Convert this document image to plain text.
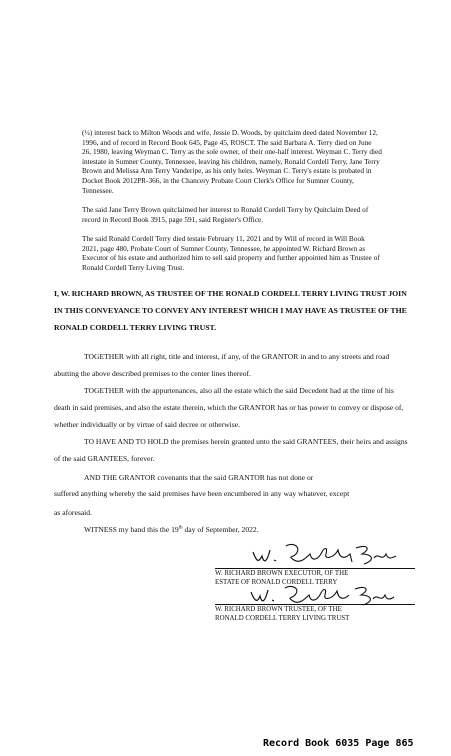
(½) interest back to Milton Woods and wife, Jessie D. Woods, by quitclaim deed dated November 12, 1996, and of record in Record Book 645, Page 45, ROSCT. The said Barbara A. Terry died on June 26, 1980, leaving Weyman C. Terry as the sole owner, of their one-half interest. Weyman C. Terry died intestate in Sumner County, Tennessee, leaving his children, namely, Ronald Cordell Terry, Jane Terry Brown and Melissa Ann Terry Vanderipe, as his only heirs. Weyman C. Terry's estate is probated in Docket Book 2012PR-366, in the Chancery Probate Court Clerk's Office for Sumner County, Tennessee.

The said Jane Terry Brown quitclaimed her interest to Ronald Cordell Terry by Quitclaim Deed of record in Record Book 3915, page 591, said Register's Office.

The said Ronald Cordell Terry died testate February 11, 2021 and by Will of record in Will Book 2021, page 480, Probate Court of Sumner County, Tennessee, he appointed W. Richard Brown as Executor of his estate and authorized him to sell said property and further appointed him as Trustee of Ronald Cordell Terry Living Trust.

I, W. RICHARD BROWN, AS TRUSTEE OF THE RONALD CORDELL TERRY LIVING TRUST JOIN IN THIS CONVEYANCE TO CONVEY ANY INTEREST WHICH I MAY HAVE AS TRUSTEE OF THE RONALD CORDELL TERRY LIVING TRUST.

TOGETHER with all right, title and interest, if any, of the GRANTOR in and to any streets and road abutting the above described premises to the center lines thereof.

TOGETHER with the appurtenances, also all the estate which the said Decedent had at the time of his death in said premises, and also the estate therein, which the GRANTOR has or has power to convey or dispose of, whether individually or by virtue of said decree or otherwise.

TO HAVE AND TO HOLD the premises herein granted unto the said GRANTEES, their heirs and assigns of the said GRANTEES, forever.

AND THE GRANTOR covenants that the said GRANTOR has not done or

suffered anything whereby the said premises have been encumbered in any way whatever, except

as aforesaid.

WITNESS my hand this the 19th day of September, 2022.

W. RICHARD BROWN EXECUTOR, OF THE

ESTATE OF RONALD CORDELL TERRY

W. RICHARD BROWN TRUSTEE, OF THE

RONALD CORDELL TERRY LIVING TRUST

Record Book 6035 Page 865
